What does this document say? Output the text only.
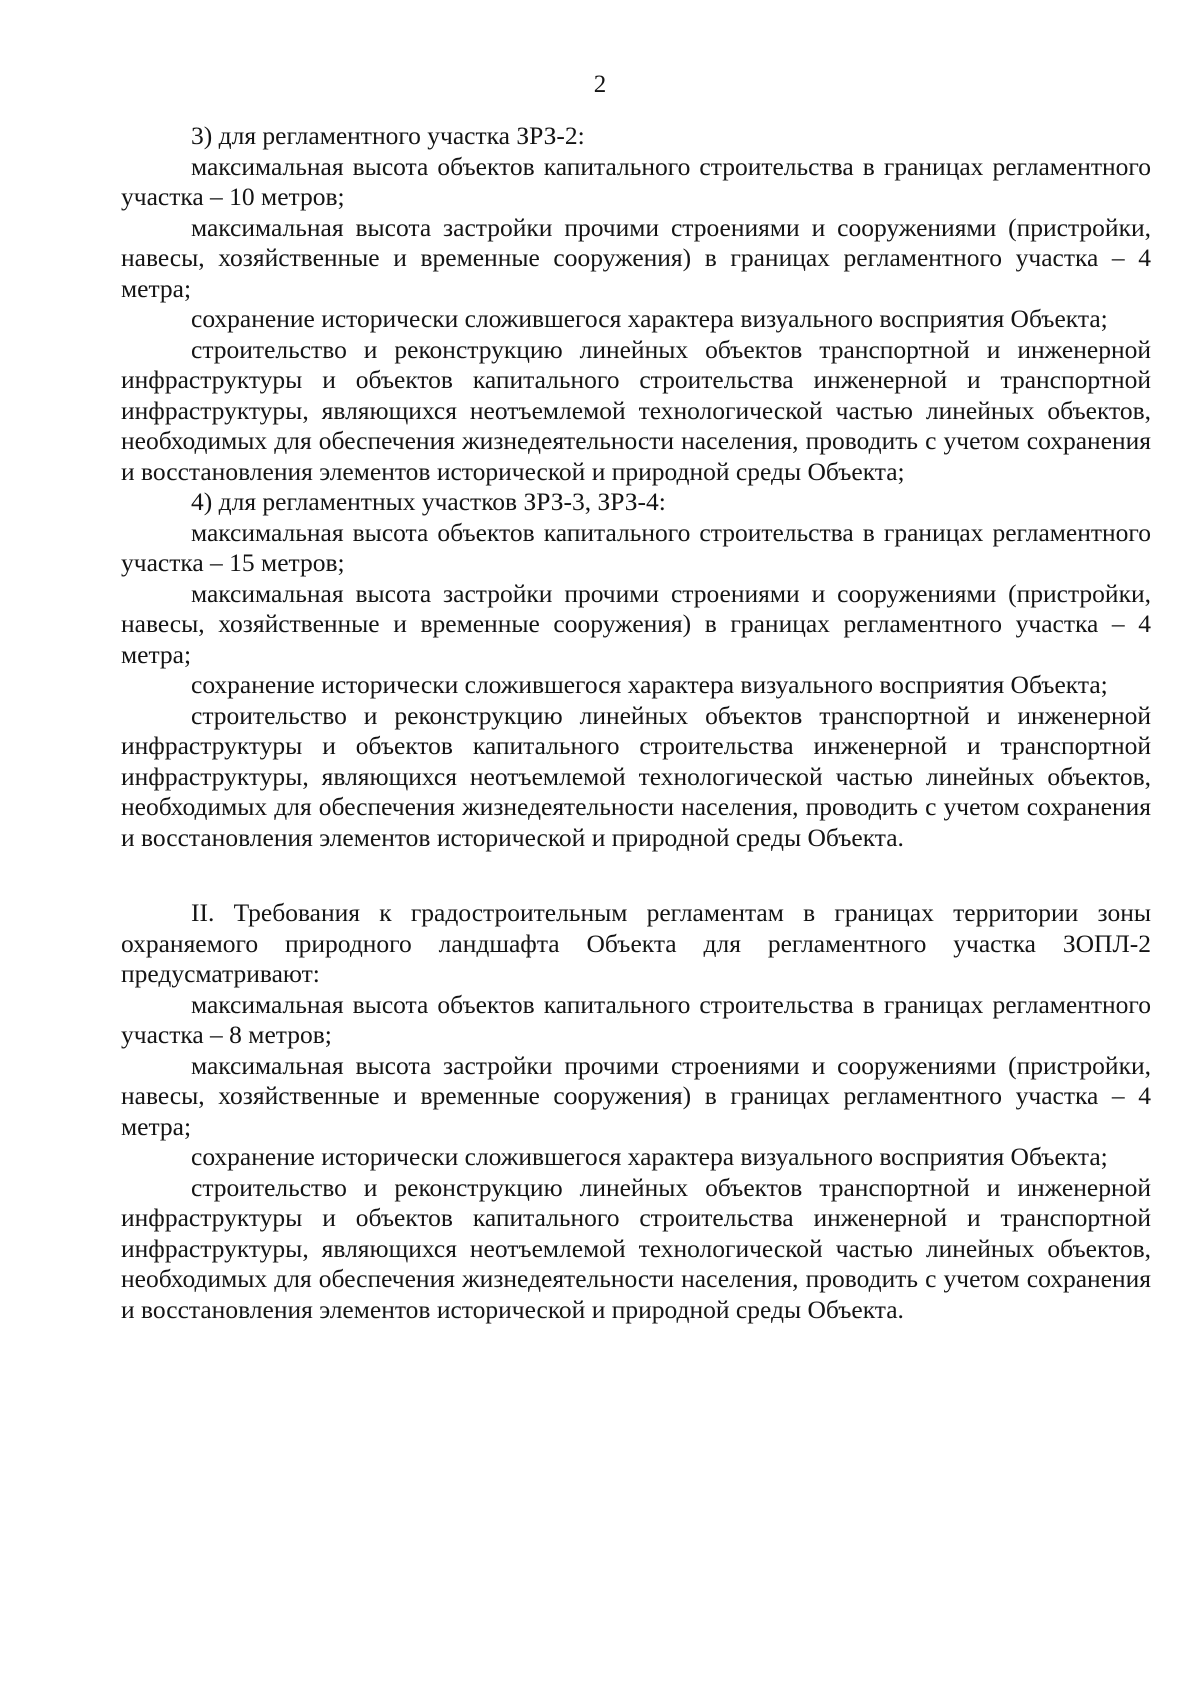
2

3) для регламентного участка ЗРЗ-2:

максимальная высота объектов капитального строительства в границах регламентного участка – 10 метров;

максимальная высота застройки прочими строениями и сооружениями (пристройки, навесы, хозяйственные и временные сооружения) в границах регламентного участка – 4 метра;

сохранение исторически сложившегося характера визуального восприятия Объекта;

строительство и реконструкцию линейных объектов транспортной и инженерной инфраструктуры и объектов капитального строительства инженерной и транспортной инфраструктуры, являющихся неотъемлемой технологической частью линейных объектов, необходимых для обеспечения жизнедеятельности населения, проводить с учетом сохранения и восстановления элементов исторической и природной среды Объекта;

4) для регламентных участков ЗРЗ-3, ЗРЗ-4:

максимальная высота объектов капитального строительства в границах регламентного участка – 15 метров;

максимальная высота застройки прочими строениями и сооружениями (пристройки, навесы, хозяйственные и временные сооружения) в границах регламентного участка – 4 метра;

сохранение исторически сложившегося характера визуального восприятия Объекта;

строительство и реконструкцию линейных объектов транспортной и инженерной инфраструктуры и объектов капитального строительства инженерной и транспортной инфраструктуры, являющихся неотъемлемой технологической частью линейных объектов, необходимых для обеспечения жизнедеятельности населения, проводить с учетом сохранения и восстановления элементов исторической и природной среды Объекта.

II. Требования к градостроительным регламентам в границах территории зоны охраняемого природного ландшафта Объекта для регламентного участка ЗОПЛ-2 предусматривают:

максимальная высота объектов капитального строительства в границах регламентного участка – 8 метров;

максимальная высота застройки прочими строениями и сооружениями (пристройки, навесы, хозяйственные и временные сооружения) в границах регламентного участка – 4 метра;

сохранение исторически сложившегося характера визуального восприятия Объекта;

строительство и реконструкцию линейных объектов транспортной и инженерной инфраструктуры и объектов капитального строительства инженерной и транспортной инфраструктуры, являющихся неотъемлемой технологической частью линейных объектов, необходимых для обеспечения жизнедеятельности населения, проводить с учетом сохранения и восстановления элементов исторической и природной среды Объекта.
